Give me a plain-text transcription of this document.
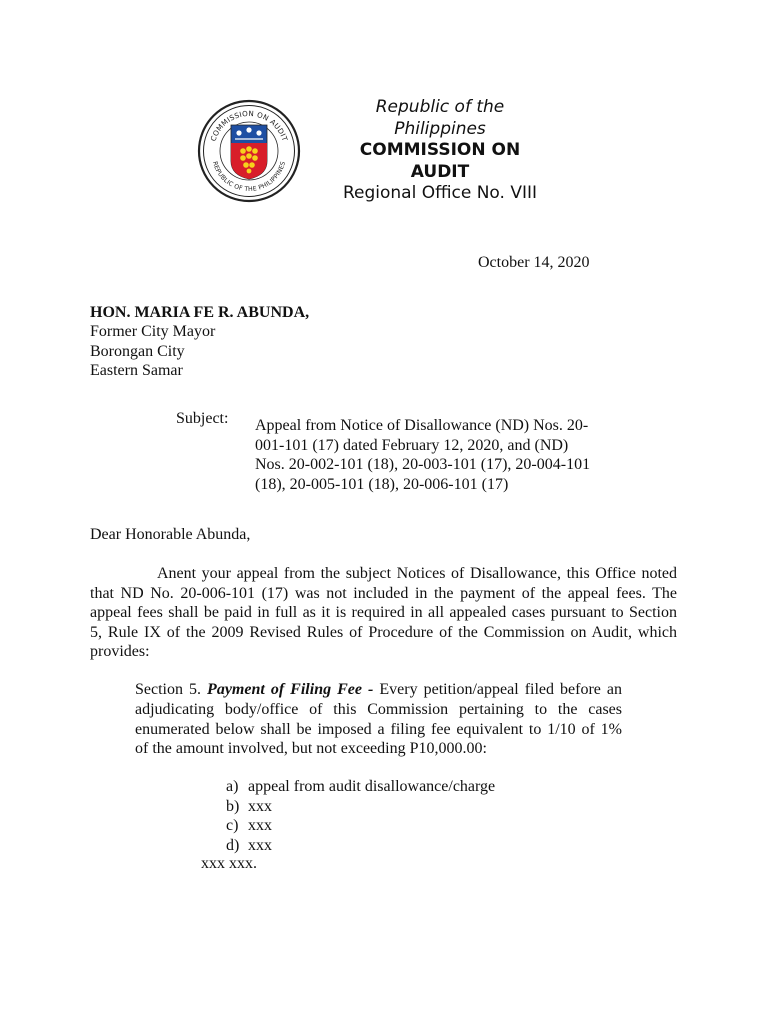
COMMISSION ON AUDIT
REPUBLIC OF THE PHILIPPINES
Republic of the
Philippines
COMMISSION ON
AUDIT
Regional Office No. VIII
October 14, 2020
HON. MARIA FE R. ABUNDA,
Former City Mayor
Borongan City
Eastern Samar
Subject: Appeal from Notice of Disallowance (ND) Nos. 20-
001-101 (17) dated February 12, 2020, and (ND)
Nos. 20-002-101 (18), 20-003-101 (17), 20-004-101
(18), 20-005-101 (18), 20-006-101 (17)
Dear Honorable Abunda,
Anent your appeal from the subject Notices of Disallowance, this Office noted
that ND No. 20-006-101 (17) was not included in the payment of the appeal fees. The
appeal fees shall be paid in full as it is required in all appealed cases pursuant to Section
5, Rule IX of the 2009 Revised Rules of Procedure of the Commission on Audit, which
provides:
Section 5. Payment of Filing Fee - Every petition/appeal filed before an
adjudicating body/office of this Commission pertaining to the cases
enumerated below shall be imposed a filing fee equivalent to 1/10 of 1%
of the amount involved, but not exceeding P10,000.00:
a) appeal from audit disallowance/charge
b) xxx
c) xxx
d) xxx
xxx xxx.
